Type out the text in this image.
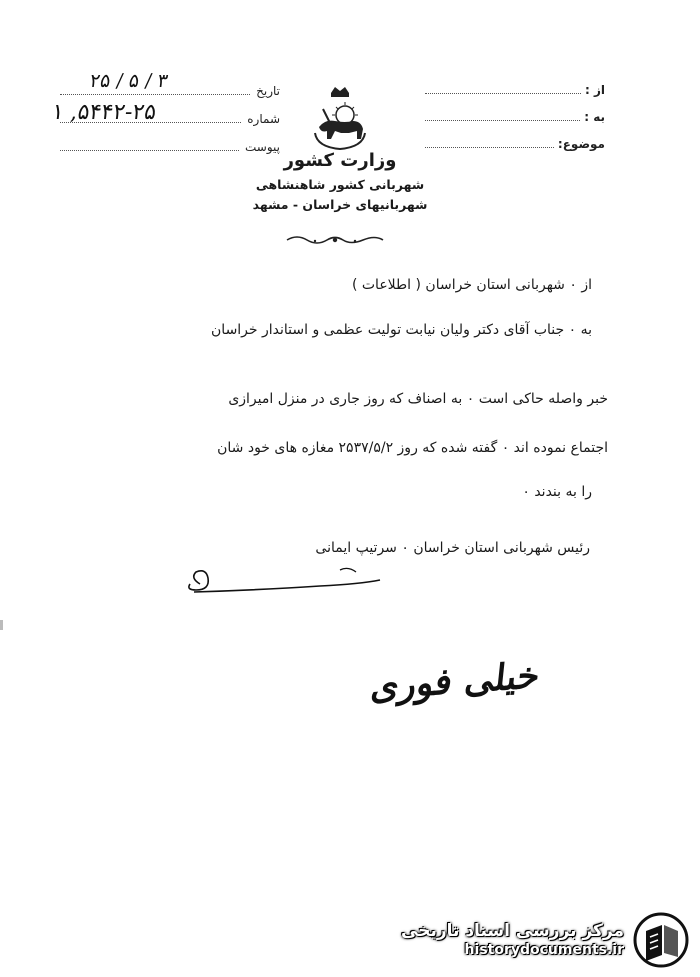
تاریخ
۳ / ۵ / ۲۵
شماره
۵۴۴۲-۲۵, ۱
پیوست
از :
به :
موضوع:
وزارت کشور
شهربانی کشور شاهنشاهی
شهربانیهای خراسان - مشهد
از ۰ شهربانی استان خراسان ( اطلاعات )
به ۰ جناب آقای دکتر ولیان نیابت تولیت عظمی و استاندار خراسان
خبر واصله حاکی است ۰ به اصناف که روز جاری در منزل امیرازی
اجتماع نموده اند ۰ گفته شده که روز ۲۵۳۷/۵/۲ مغازه های خود شان
را به بندند ۰
رئیس شهربانی استان خراسان ۰ سرتیپ ایمانی
خیلی فوری
مرکز بررسی اسناد تاریخی
historydocuments.ir
